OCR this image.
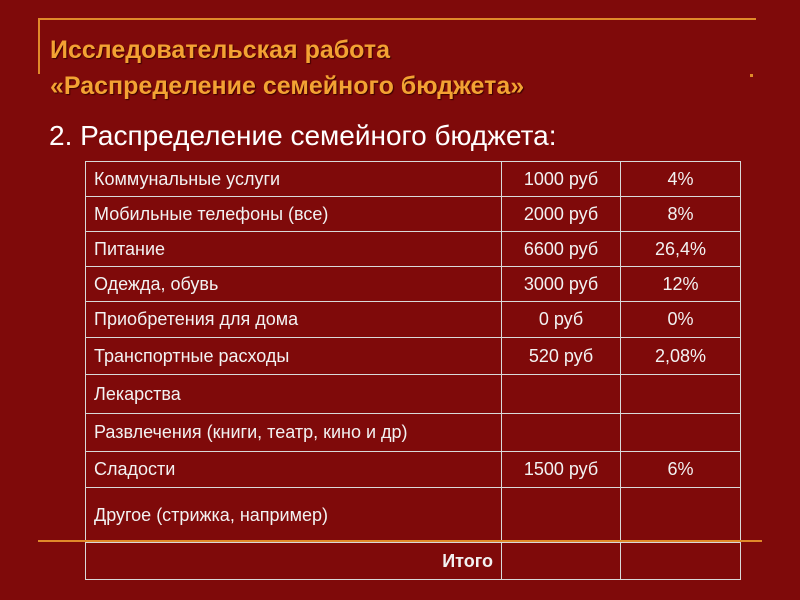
Исследовательская работа
«Распределение семейного бюджета»
2. Распределение семейного бюджета:
Коммунальные услуги	1000 руб	4%
Мобильные телефоны (все)	2000 руб	8%
Питание	6600 руб	26,4%
Одежда, обувь	3000 руб	12%
Приобретения для дома	0 руб	0%
Транспортные расходы	520 руб	2,08%
Лекарства		
Развлечения (книги, театр, кино и др)		
Сладости	1500 руб	6%
Другое (стрижка, например)		
Итого		
